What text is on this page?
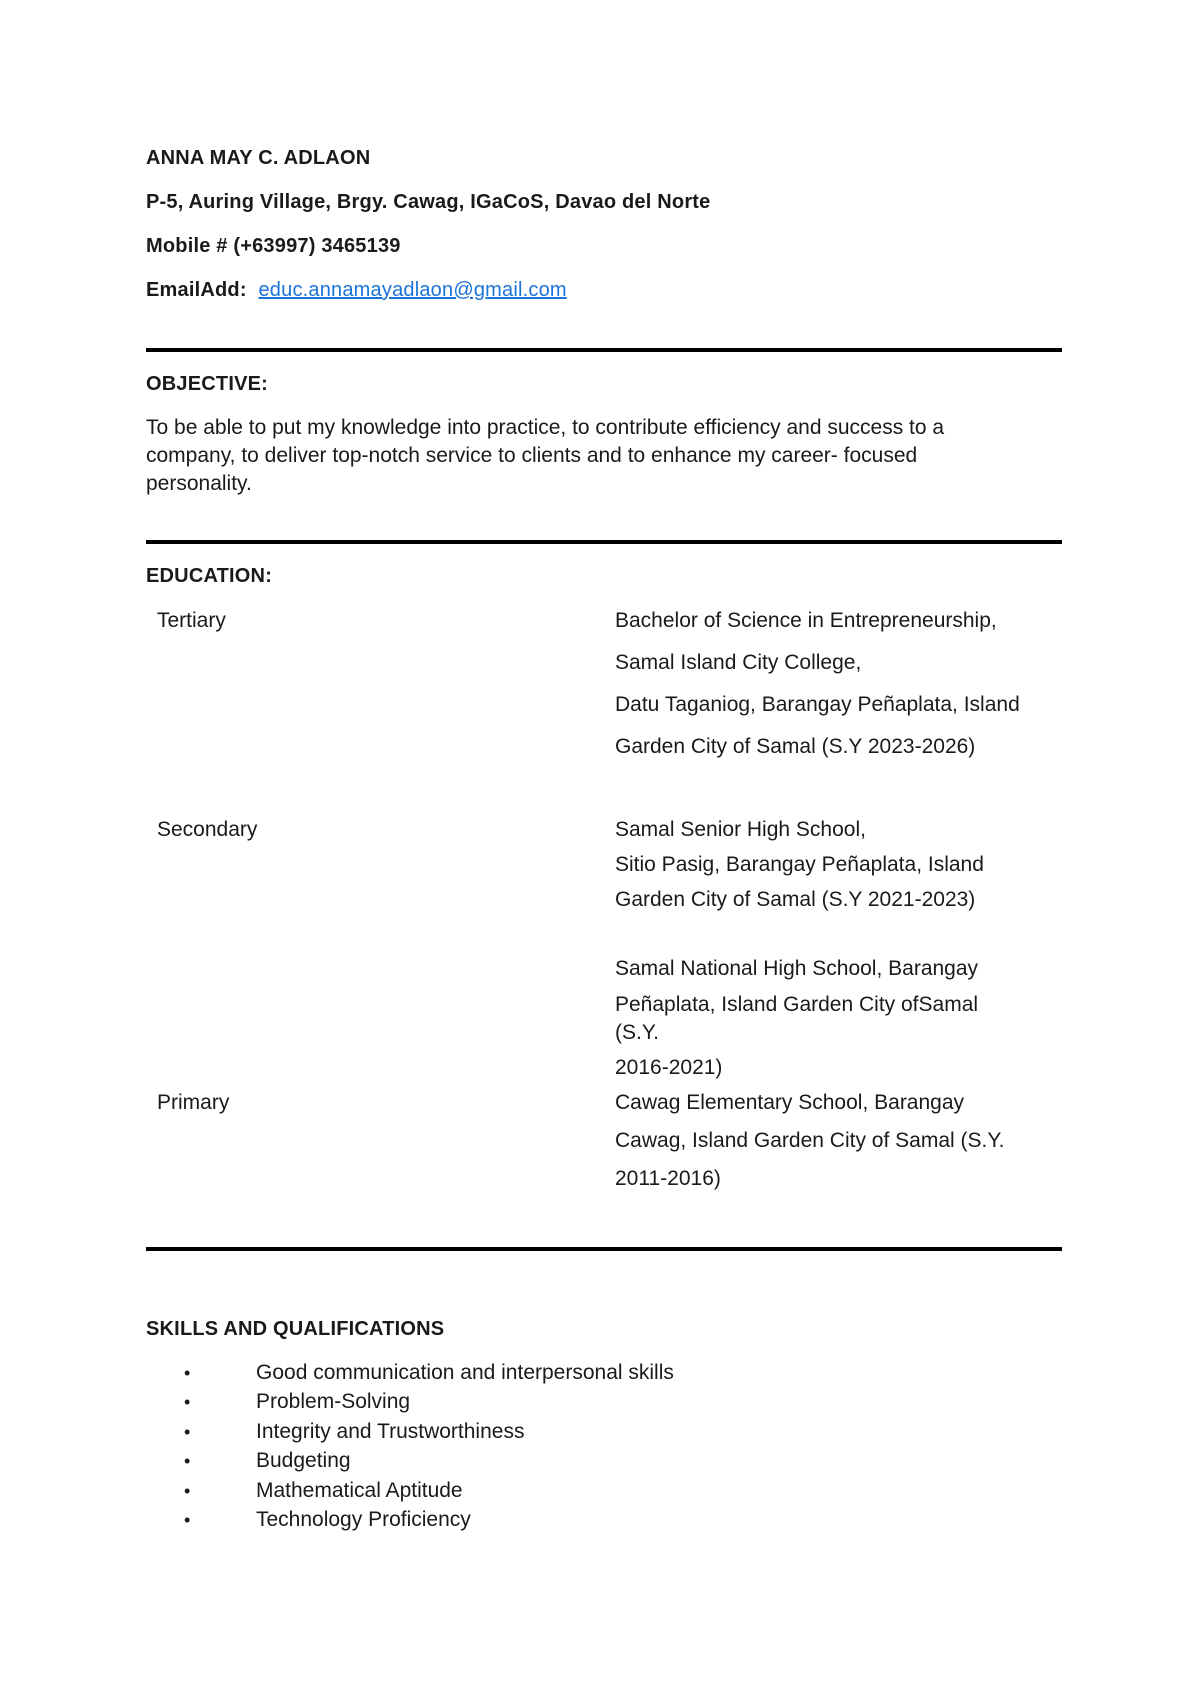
ANNA MAY C. ADLAON
P-5, Auring Village, Brgy. Cawag, IGaCoS, Davao del Norte
Mobile # (+63997) 3465139
EmailAdd: educ.annamayadlaon@gmail.com
OBJECTIVE:
To be able to put my knowledge into practice, to contribute efficiency and success to a
company, to deliver top-notch service to clients and to enhance my career- focused
personality.
EDUCATION:
Tertiary	Bachelor of Science in Entrepreneurship,
Samal Island City College,
Datu Taganiog, Barangay Peñaplata, Island
Garden City of Samal (S.Y 2023-2026)
Secondary	Samal Senior High School,
Sitio Pasig, Barangay Peñaplata, Island
Garden City of Samal (S.Y 2021-2023)
Samal National High School, Barangay
Peñaplata, Island Garden City ofSamal
(S.Y.
2016-2021)
Primary	Cawag Elementary School, Barangay
Cawag, Island Garden City of Samal (S.Y.
2011-2016)
SKILLS AND QUALIFICATIONS
•	Good communication and interpersonal skills
•	Problem-Solving
•	Integrity and Trustworthiness
•	Budgeting
•	Mathematical Aptitude
•	Technology Proficiency
